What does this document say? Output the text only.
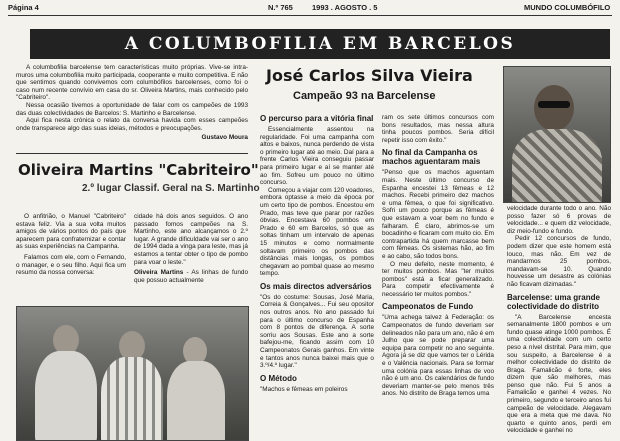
Página 4	N.º 765	1993 . AGOSTO . 5	MUNDO COLUMBÓFILO
A COLUMBOFILIA EM BARCELOS

A columbofilia barcelense tem características muito próprias. Vive-se intra-muros uma columbofilia muito participada, cooperante e muito competitiva. E não que sentimos quando convivemos com columbófilos barcelenses, como foi o caso num recente convívio em casa do sr. Oliveira Martins, mais conhecido pelo "Cabriteiro".

Nessa ocasião tivemos a oportunidade de falar com os campeões de 1993 das duas colectividades de Barcelos: S. Martinho e Barcelense.

Aqui fica nesta crónica o relato da conversa havida com esses campeões onde transparece algo das suas ideias, métodos e preocupações.

Gustavo Moura

Oliveira Martins "Cabriteiro"
2.º lugar Classif. Geral na S. Martinho

O anfitrião, o Manuel "Cabriteiro" estava feliz. Via a sua volta muitos amigos de vários pontos do país que aparecem para confraternizar e contar as suas experiências na Campanha.

Falamos com ele, com o Fernando, o manager, e o seu filho. Aqui fica um resumo da nossa conversa:

cidade há dois anos seguidos. O ano passado fomos campeões na S. Martinho, este ano alcançamos o 2.º lugar. A grande dificuldade vai ser o ano de 1994 dada a vinga para leste, mas já estamos a tentar obter o tipo de pombo para voar o leste."

Oliveira Martins - As linhas de fundo que possuo actualmente

José Carlos Silva Vieira
Campeão 93 na Barcelense

O percurso para a vitória final

Essencialmente assentou na regularidade. Foi uma campanha com altos e baixos, nunca perdendo de vista o primeiro lugar até ao meio. Daí para a frente Carlos Vieira conseguiu passar para primeiro lugar e aí se manter até ao fim. Sofreu um pouco no último concurso.

Começou a viajar com 120 voadores, embora optasse a meio da época por um certo tipo de pombos. Encestou em Prado, mas teve que parar por razões óbvias. Encestava 60 pombos em Prado e 60 em Barcelos, só que as soltas tinham um intervalo de apenas 15 minutos e como normalmente soltavam primeiro os pombos das distâncias mais longas, os pombos chegavam ao pombal quase ao mesmo tempo.

Os mais directos adversários

"Os do costume: Sousas, José Maria, Correia & Gonçalves... Fui seu opositor nos outros anos. No ano passado fui para o último concurso de Espanha com 8 pontos de diferença. A sorte sorriu aos Sousas. Este ano a sorte bafejou-me, ficando assim com 10 Campeonatos Gerais ganhos. Em vinte e tantos anos nunca baixei mais que o 3.º/4.º lugar."

O Método

"Machos e fêmeas em poleiros

ram os sete últimos concursos com bons resultados, mas nessa altura tinha poucos pombos. Seria difícil repetir isso com êxito."

No final da Campanha os machos aguentaram mais

"Penso que os machos aguentam mais. Neste último concurso de Espanha encestei 13 fêmeas e 12 machos. Recebi primeiro dez machos e uma fêmea, o que foi significativo. Sofri um pouco porque as fêmeas é que estavam a voar bem no fundo e falharam. É claro, abrimos-se um bocadinho e ficaram com muito cio. Em contrapartida há quem marcasse bem com fêmeas. Os sistemas hão, ao fim e ao cabo, são todos bons.

O meu defeito, neste momento, é ter muitos pombos. Mas "ter muitos pombos" está a ficar generalizado. Para competir efectivamente é necessário ter muitos pombos."

Campeonatos de Fundo

"Uma achega talvez à Federação: os Campeonatos de fundo deveriam ser delineados não para um ano, não é em Julho que se pode preparar uma equipa para competir no ano seguinte. Agora já se diz que vamos ter o Lérida e o Valência nacionais. Para se formar uma colónia para essas linhas de voo não é um ano. Os calendários de fundo deveriam manter-se pelo menos três anos. No distrito de Braga temos uma

velocidade durante todo o ano. Não posso fazer só 6 provas de velocidade... e quem diz velocidade, diz meio-fundo e fundo.

Pedir 12 concursos de fundo, podem dizer que este homem está louco, mas não. Em vez de mandarmos 25 pombos, mandavam-se 10. Quando houvesse um desastre as colónias não ficavam dizimadas."

Barcelense: uma grande colectividade do distrito

"A Barcelense encesta semanalmente 1800 pombos e um fundo quase atinge 1000 pombos. É uma colectividade com um certo peso a nível distrital. Para mim, que sou suspeito, a Barcelense é a melhor colectividade do distrito de Braga. Famalicão é forte, eles dizem que são melhores, mas penso que não. Fui 5 anos a Famalicão e ganhei 4 vezes. No primeiro, segundo e terceiro anos fui campeão de velocidade. Alegavam que era a meta que me dava. No quarto e quinto anos, perdi em velocidade e ganhei no
